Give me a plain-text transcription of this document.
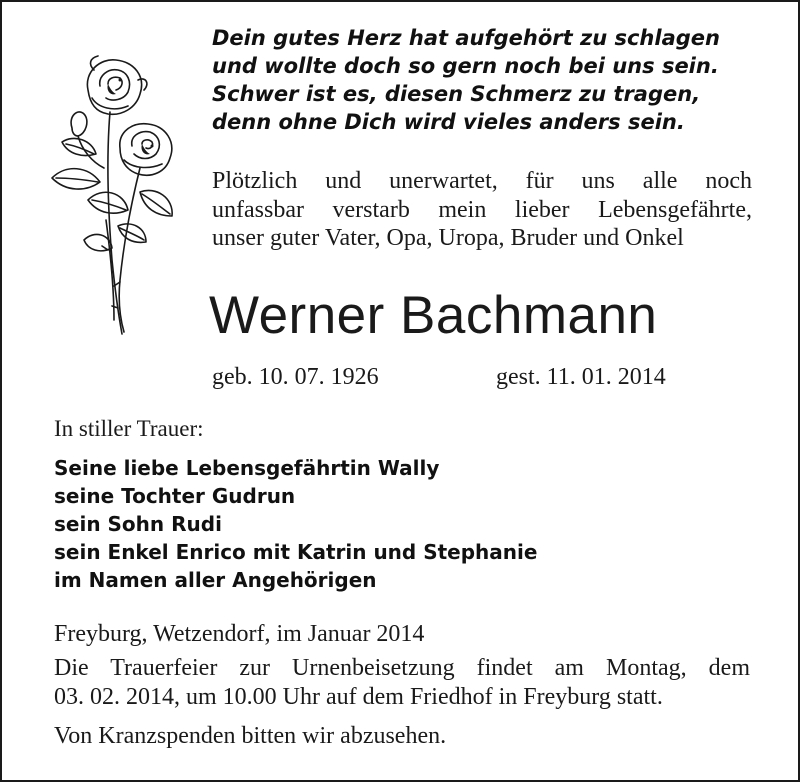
Dein gutes Herz hat aufgehört zu schlagen
und wollte doch so gern noch bei uns sein.
Schwer ist es, diesen Schmerz zu tragen,
denn ohne Dich wird vieles anders sein.
Plötzlich und unerwartet, für uns alle noch
unfassbar verstarb mein lieber Lebensgefährte,
unser guter Vater, Opa, Uropa, Bruder und Onkel
Werner Bachmann
geb. 10. 07. 1926	gest. 11. 01. 2014
In stiller Trauer:
Seine liebe Lebensgefährtin Wally
seine Tochter Gudrun
sein Sohn Rudi
sein Enkel Enrico mit Katrin und Stephanie
im Namen aller Angehörigen
Freyburg, Wetzendorf, im Januar 2014
Die Trauerfeier zur Urnenbeisetzung findet am Montag, dem
03. 02. 2014, um 10.00 Uhr auf dem Friedhof in Freyburg statt.
Von Kranzspenden bitten wir abzusehen.
